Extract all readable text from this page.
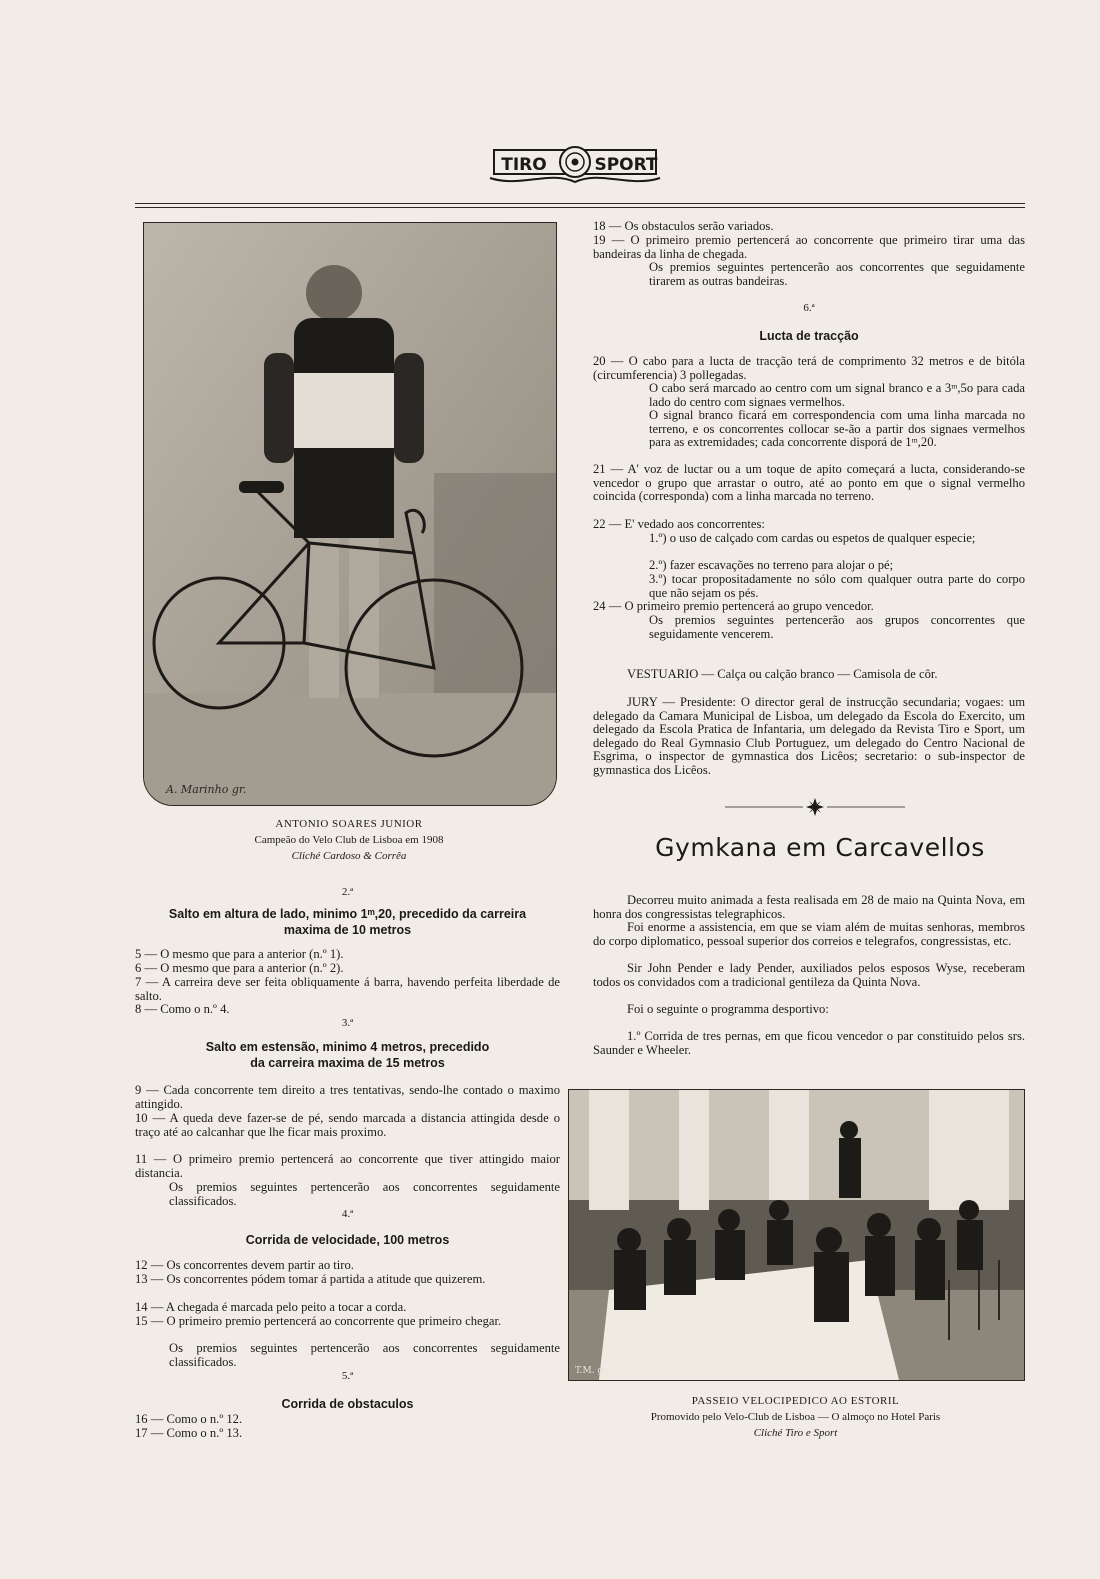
TIRO	SPORT
A. Marinho gr.
ANTONIO SOARES JUNIOR
Campeão do Velo Club de Lisboa em 1908
Cliché Cardoso & Corrêa
2.ª
Salto em altura de lado, minimo 1ᵐ,20, precedido da carreira
maxima de 10 metros
5 — O mesmo que para a anterior (n.º 1).
6 — O mesmo que para a anterior (n.º 2).
7 — A carreira deve ser feita obliquamente á barra, havendo perfeita liberdade de salto.
8 — Como o n.º 4.
3.ª
Salto em estensão, minimo 4 metros, precedido
da carreira maxima de 15 metros
9 — Cada concorrente tem direito a tres tentativas, sendo-lhe contado o maximo attingido.
10 — A queda deve fazer-se de pé, sendo marcada a distancia attingida desde o traço até ao calcanhar que lhe ficar mais proximo.
11 — O primeiro premio pertencerá ao concorrente que tiver attingido maior distancia.
Os premios seguintes pertencerão aos concorrentes seguidamente classificados.
4.ª
Corrida de velocidade, 100 metros
12 — Os concorrentes devem partir ao tiro.
13 — Os concorrentes pódem tomar á partida a atitude que quizerem.
14 — A chegada é marcada pelo peito a tocar a corda.
15 — O primeiro premio pertencerá ao concorrente que primeiro chegar.
Os premios seguintes pertencerão aos concorrentes seguidamente classificados.
5.ª
Corrida de obstaculos
16 — Como o n.º 12.
17 — Como o n.º 13.
18 — Os obstaculos serão variados.
19 — O primeiro premio pertencerá ao concorrente que primeiro tirar uma das bandeiras da linha de chegada.
Os premios seguintes pertencerão aos concorrentes que seguidamente tirarem as outras bandeiras.
6.ª
Lucta de tracção
20 — O cabo para a lucta de tracção terá de comprimento 32 metros e de bitóla (circumferencia) 3 pollegadas.
O cabo será marcado ao centro com um signal branco e a 3ᵐ,5o para cada lado do centro com signaes vermelhos.
O signal branco ficará em correspondencia com uma linha marcada no terreno, e os concorrentes collocar se-ão a partir dos signaes vermelhos para as extremidades; cada concorrente disporá de 1ᵐ,20.
21 — A' voz de luctar ou a um toque de apito começará a lucta, considerando-se vencedor o grupo que arrastar o outro, até ao ponto em que o signal vermelho coincida (corresponda) com a linha marcada no terreno.
22 — E' vedado aos concorrentes:
1.º) o uso de calçado com cardas ou espetos de qualquer especie;
2.º) fazer escavações no terreno para alojar o pé;
3.º) tocar propositadamente no sólo com qualquer outra parte do corpo que não sejam os pés.
24 — O primeiro premio pertencerá ao grupo vencedor.
Os premios seguintes pertencerão aos grupos concorrentes que seguidamente vencerem.
VESTUARIO — Calça ou calção branco — Camisola de côr.
JURY — Presidente: O director geral de instrucção secundaria; vogaes: um delegado da Camara Municipal de Lisboa, um delegado da Escola do Exercito, um delegado da Escola Pratica de Infantaria, um delegado da Revista Tiro e Sport, um delegado do Real Gymnasio Club Portuguez, um delegado do Centro Nacional de Esgrima, o inspector de gymnastica dos Licêos; secretario: o sub-inspector de gymnastica dos Licêos.
Gymkana em Carcavellos
Decorreu muito animada a festa realisada em 28 de maio na Quinta Nova, em honra dos congressistas telegraphicos.
Foi enorme a assistencia, em que se viam além de muitas senhoras, membros do corpo diplomatico, pessoal superior dos correios e telegrafos, congressistas, etc.
Sir John Pender e lady Pender, auxiliados pelos esposos Wyse, receberam todos os convidados com a tradicional gentileza da Quinta Nova.
Foi o seguinte o programma desportivo:
1.º Corrida de tres pernas, em que ficou vencedor o par constituido pelos srs. Saunder e Wheeler.
T.M. gr.
PASSEIO VELOCIPEDICO AO ESTORIL
Promovido pelo Velo-Club de Lisboa — O almoço no Hotel Paris
Cliché Tiro e Sport
